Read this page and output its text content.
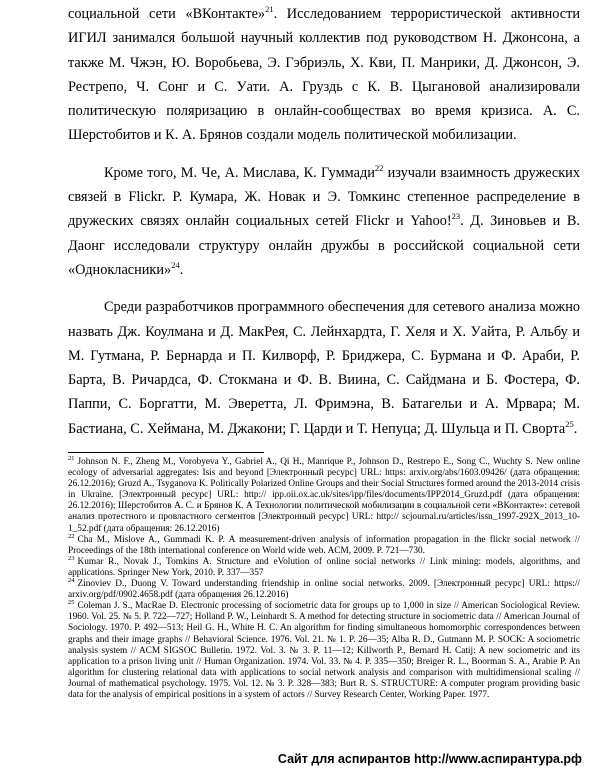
социальной сети «ВКонтакте»$^{21}$. Исследованием террористической активности ИГИЛ занимался большой научный коллектив под руководством Н. Джонсона, а также М. Чжэн, Ю. Воробьева, Э. Гэбриэль, Х. Кви, П. Манрики, Д. Джонсон, Э. Рестрепо, Ч. Сонг и С. Уати. А. Груздь с К. В. Цыгановой анализировали политическую поляризацию в онлайн-сообществах во время кризиса. А. С. Шерстобитов и К. А. Брянов создали модель политической мобилизации.

Кроме того, М. Че, А. Мислава, К. Гуммади$^{22}$ изучали взаимность дружеских связей в Flickr. Р. Кумара, Ж. Новак и Э. Томкинс степенное распределение в дружеских связях онлайн социальных сетей Flickr и Yahoo!$^{23}$. Д. Зиновьев и В. Даонг исследовали структуру онлайн дружбы в российской социальной сети «Однокласники»$^{24}$.

Среди разработчиков программного обеспечения для сетевого анализа можно назвать Дж. Коулмана и Д. МакРея, С. Лейнхардта, Г. Хеля и Х. Уайта, Р. Альбу и М. Гутмана, Р. Бернарда и П. Килворф, Р. Бриджера, С. Бурмана и Ф. Араби, Р. Барта, В. Ричардса, Ф. Стокмана и Ф. В. Виина, С. Сайдмана и Б. Фостера, Ф. Паппи, С. Боргатти, М. Эверетта, Л. Фримэна, В. Батагельи и А. Мрвара; М. Бастиана, С. Хеймана, М. Джакони; Г. Царди и Т. Непуца; Д. Шульца и П. Сворта$^{25}$.

$^{21}$ Johnson N. F., Zheng M., Vorobyeva Y., Gabriel A., Qi H., Manrique P., Johnson D., Restrepo E., Song C., Wuchty S. New online ecology of adversarial aggregates: Isis and beyond [Электронный ресурс] URL: https: arxiv.org/abs/1603.09426/ (дата обращения: 26.12.2016); Gruzd A., Tsyganova K. Politically Polarized Online Groups and their Social Structures formed around the 2013-2014 crisis in Ukraine. [Электронный ресурс] URL: http:// ipp.oii.ox.ac.uk/sites/ipp/files/documents/IPP2014_Gruzd.pdf (дата обращения: 26.12.2016); Шерстобитов А. С. и Брянов К. А Технологии политической мобилизации в социальной сети «ВКонтакте»: сетевой анализ протестного и провластного сегментов [Электронный ресурс] URL: http:// scjournal.ru/articles/issn_1997-292X_2013_10-1_52.pdf (дата обращения: 26.12.2016)

$^{22}$ Cha M., Mislove A., Gummadi K. P. A measurement-driven analysis of information propagation in the flickr social network // Proceedings of the 18th international conference on World wide web. ACM, 2009. P. 721—730.

$^{23}$ Kumar R., Novak J., Tomkins A. Structure and eVolution of online social networks // Link mining: models, algorithms, and applications. Springer New York, 2010. P. 337—357

$^{24}$ Zinoviev D., Duong V. Toward understanding friendship in online social networks. 2009. [Электронный ресурс] URL: https:// arxiv.org/pdf/0902.4658.pdf (дата обращения 26.12.2016)

$^{25}$ Coleman J. S., MacRae D. Electronic processing of sociometric data for groups up to 1,000 in size // American Sociological Review. 1960. Vol. 25. № 5. P. 722—727; Holland P. W., Leinhardt S. A method for detecting structure in sociometric data // American Journal of Sociology. 1970. P. 492—513; Heil G. H., White H. C. An algorithm for finding simultaneous homomorphic correspondences between graphs and their image graphs // Behavioral Science. 1976. Vol. 21. № 1. P. 26—35; Alba R. D., Gutmann M. P. SOCK: A sociometric analysis system // ACM SIGSOC Bulletin. 1972. Vol. 3. № 3. P. 11—12; Killworth P., Bernard H. Catij: A new sociometric and its application to a prison living unit // Human Organization. 1974. Vol. 33. № 4. P. 335—350; Breiger R. L., Boorman S. A., Arabie P. An algorithm for clustering relational data with applications to social network analysis and comparison with multidimensional scaling // Journal of mathematical psychology. 1975. Vol. 12. № 3. P. 328—383; Burt R. S. STRUCTURE: A computer program providing basic data for the analysis of empirical positions in a system of actors // Survey Research Center, Working Paper. 1977.

Сайт для аспирантов http://www.аспирантура.рф
